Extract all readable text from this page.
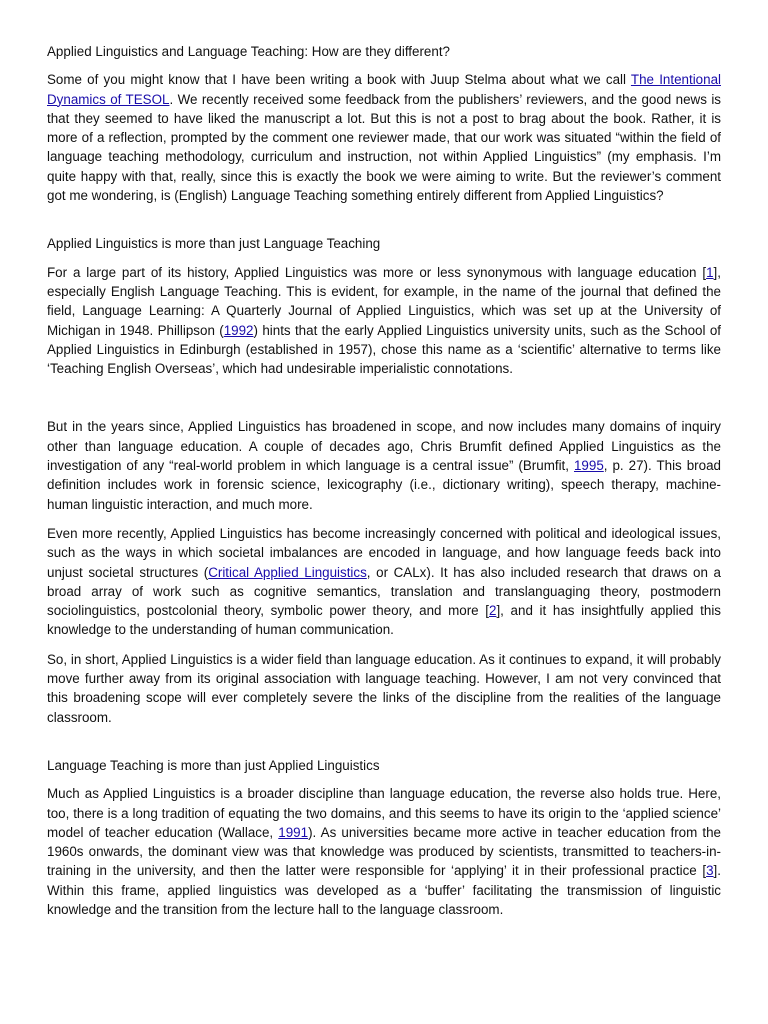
Applied Linguistics and Language Teaching: How are they different?

Some of you might know that I have been writing a book with Juup Stelma about what we call The Intentional Dynamics of TESOL. We recently received some feedback from the publishers’ reviewers, and the good news is that they seemed to have liked the manuscript a lot. But this is not a post to brag about the book. Rather, it is more of a reflection, prompted by the comment one reviewer made, that our work was situated “within the field of language teaching methodology, curriculum and instruction, not within Applied Linguistics” (my emphasis. I’m quite happy with that, really, since this is exactly the book we were aiming to write. But the reviewer’s comment got me wondering, is (English) Language Teaching something entirely different from Applied Linguistics?

Applied Linguistics is more than just Language Teaching

For a large part of its history, Applied Linguistics was more or less synonymous with language education [1], especially English Language Teaching. This is evident, for example, in the name of the journal that defined the field, Language Learning: A Quarterly Journal of Applied Linguistics, which was set up at the University of Michigan in 1948. Phillipson (1992) hints that the early Applied Linguistics university units, such as the School of Applied Linguistics in Edinburgh (established in 1957), chose this name as a ‘scientific’ alternative to terms like ‘Teaching English Overseas’, which had undesirable imperialistic connotations.

But in the years since, Applied Linguistics has broadened in scope, and now includes many domains of inquiry other than language education. A couple of decades ago, Chris Brumfit defined Applied Linguistics as the investigation of any “real-world problem in which language is a central issue” (Brumfit, 1995, p. 27). This broad definition includes work in forensic science, lexicography (i.e., dictionary writing), speech therapy, machine-human linguistic interaction, and much more.

Even more recently, Applied Linguistics has become increasingly concerned with political and ideological issues, such as the ways in which societal imbalances are encoded in language, and how language feeds back into unjust societal structures (Critical Applied Linguistics, or CALx). It has also included research that draws on a broad array of work such as cognitive semantics, translation and translanguaging theory, postmodern sociolinguistics, postcolonial theory, symbolic power theory, and more [2], and it has insightfully applied this knowledge to the understanding of human communication.

So, in short, Applied Linguistics is a wider field than language education. As it continues to expand, it will probably move further away from its original association with language teaching. However, I am not very convinced that this broadening scope will ever completely severe the links of the discipline from the realities of the language classroom.

Language Teaching is more than just Applied Linguistics

Much as Applied Linguistics is a broader discipline than language education, the reverse also holds true. Here, too, there is a long tradition of equating the two domains, and this seems to have its origin to the ‘applied science’ model of teacher education (Wallace, 1991). As universities became more active in teacher education from the 1960s onwards, the dominant view was that knowledge was produced by scientists, transmitted to teachers-in-training in the university, and then the latter were responsible for ‘applying’ it in their professional practice [3]. Within this frame, applied linguistics was developed as a ‘buffer’ facilitating the transmission of linguistic knowledge and the transition from the lecture hall to the language classroom.
